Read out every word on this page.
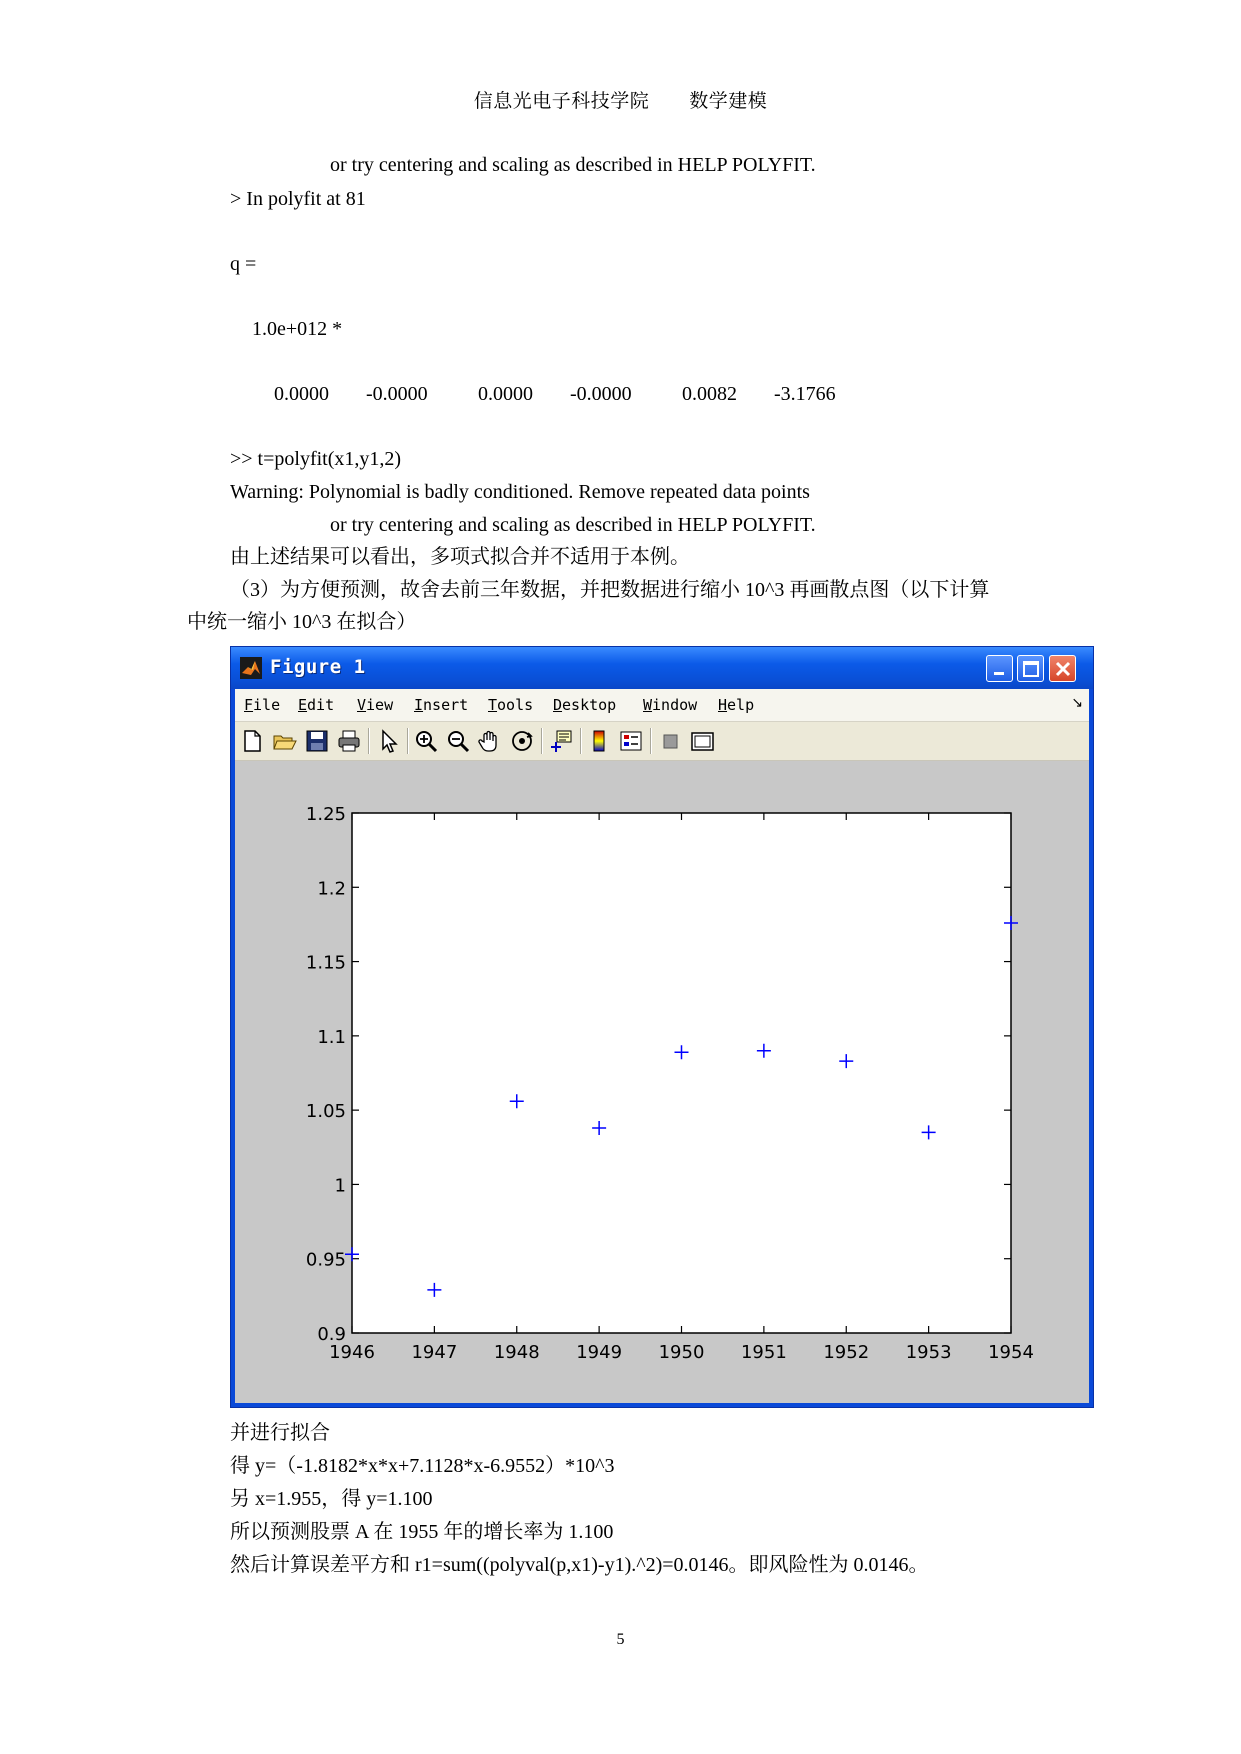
信息光电子科技学院 数学建模
or try centering and scaling as described in HELP POLYFIT.
> In polyfit at 81
q =
1.0e+012 *
0.0000 -0.0000	0.0000 -0.0000	0.0082 -3.1766
>> t=polyfit(x1,y1,2)
Warning: Polynomial is badly conditioned. Remove repeated data points
or try centering and scaling as described in HELP POLYFIT.
由上述结果可以看出，多项式拟合并不适用于本例。
（3）为方便预测，故舍去前三年数据，并把数据进行缩小 10^3 再画散点图（以下计算
中统一缩小 10^3 在拟合）
Figure 1
File Edit View Insert Tools Desktop Window Help	↘
1946 1947 1948 1949 1950 1951 1952 1953 1954
0.9
0.95
1
1.05
1.1
1.15
1.2
1.25
并进行拟合
得 y=（-1.8182*x*x+7.1128*x-6.9552）*10^3
另 x=1.955，得 y=1.100
所以预测股票 A 在 1955 年的增长率为 1.100
然后计算误差平方和 r1=sum((polyval(p,x1)-y1).^2)=0.0146。即风险性为 0.0146。
5
